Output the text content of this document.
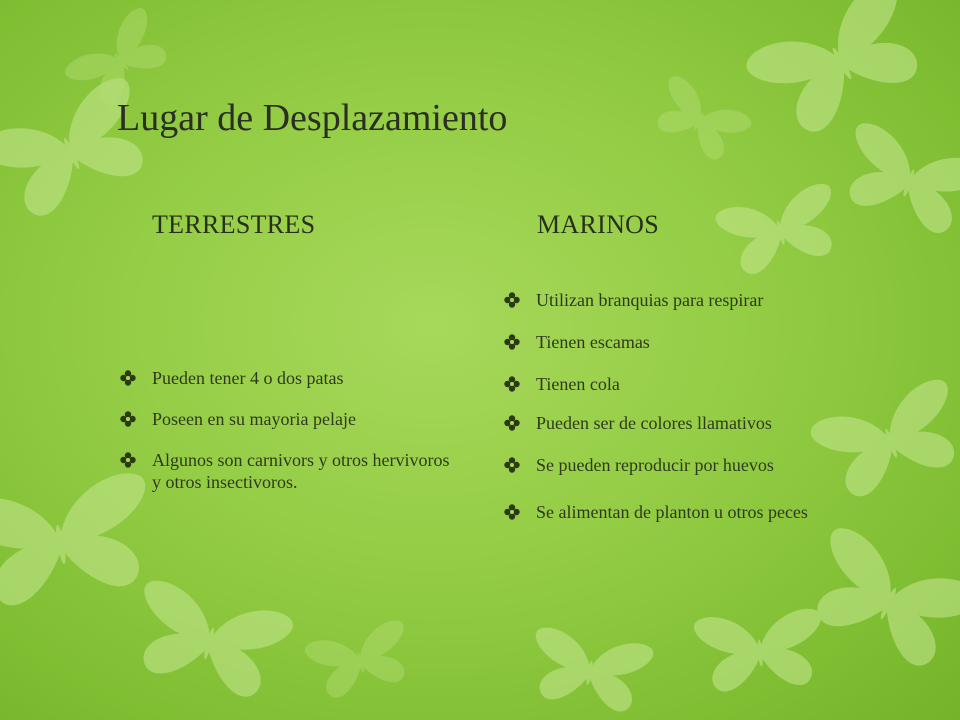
Lugar de Desplazamiento
TERRESTRES	MARINOS
Pueden tener 4 o dos patas
Poseen en su mayoria pelaje
Algunos son carnivors y otros hervivoros y otros insectivoros.
Utilizan branquias para respirar
Tienen escamas
Tienen cola
Pueden ser de colores llamativos
Se pueden reproducir por huevos
Se alimentan de planton u otros peces
